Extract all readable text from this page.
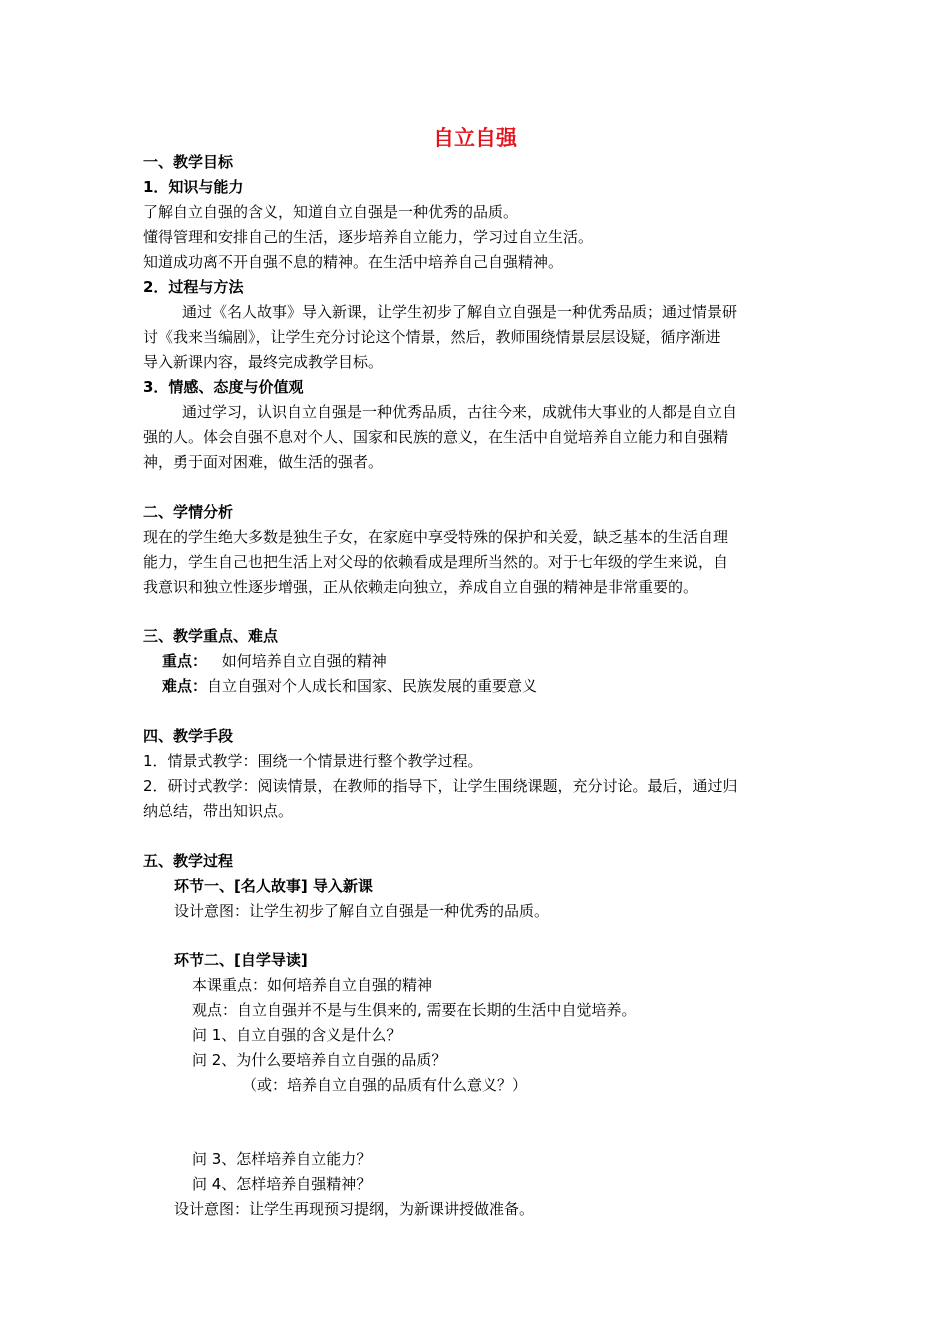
自立自强
一、教学目标
1．知识与能力
了解自立自强的含义，知道自立自强是一种优秀的品质。
懂得管理和安排自己的生活，逐步培养自立能力，学习过自立生活。
知道成功离不开自强不息的精神。在生活中培养自己自强精神。
2．过程与方法
通过《名人故事》导入新课，让学生初步了解自立自强是一种优秀品质；通过情景研
讨《我来当编剧》，让学生充分讨论这个情景，然后，教师围绕情景层层设疑，循序渐进
导入新课内容，最终完成教学目标。
3．情感、态度与价值观
通过学习，认识自立自强是一种优秀品质，古往今来，成就伟大事业的人都是自立自
强的人。体会自强不息对个人、国家和民族的意义，在生活中自觉培养自立能力和自强精
神，勇于面对困难，做生活的强者。
二、学情分析
现在的学生绝大多数是独生子女，在家庭中享受特殊的保护和关爱，缺乏基本的生活自理
能力，学生自己也把生活上对父母的依赖看成是理所当然的。对于七年级的学生来说，自
我意识和独立性逐步增强，正从依赖走向独立，养成自立自强的精神是非常重要的。
三、教学重点、难点
重点： 如何培养自立自强的精神
难点：自立自强对个人成长和国家、民族发展的重要意义
四、教学手段
1．情景式教学：围绕一个情景进行整个教学过程。
2．研讨式教学：阅读情景，在教师的指导下，让学生围绕课题，充分讨论。最后，通过归
纳总结，带出知识点。
五、教学过程
环节一、[名人故事] 导入新课
设计意图：让学生初步了解自立自强是一种优秀的品质。
环节二、[自学导读]
本课重点：如何培养自立自强的精神
观点：自立自强并不是与生俱来的, 需要在长期的生活中自觉培养。
问 1、自立自强的含义是什么？
问 2、为什么要培养自立自强的品质？
（或：培养自立自强的品质有什么意义？）
问 3、怎样培养自立能力？
问 4、怎样培养自强精神？
设计意图：让学生再现预习提纲，为新课讲授做准备。
